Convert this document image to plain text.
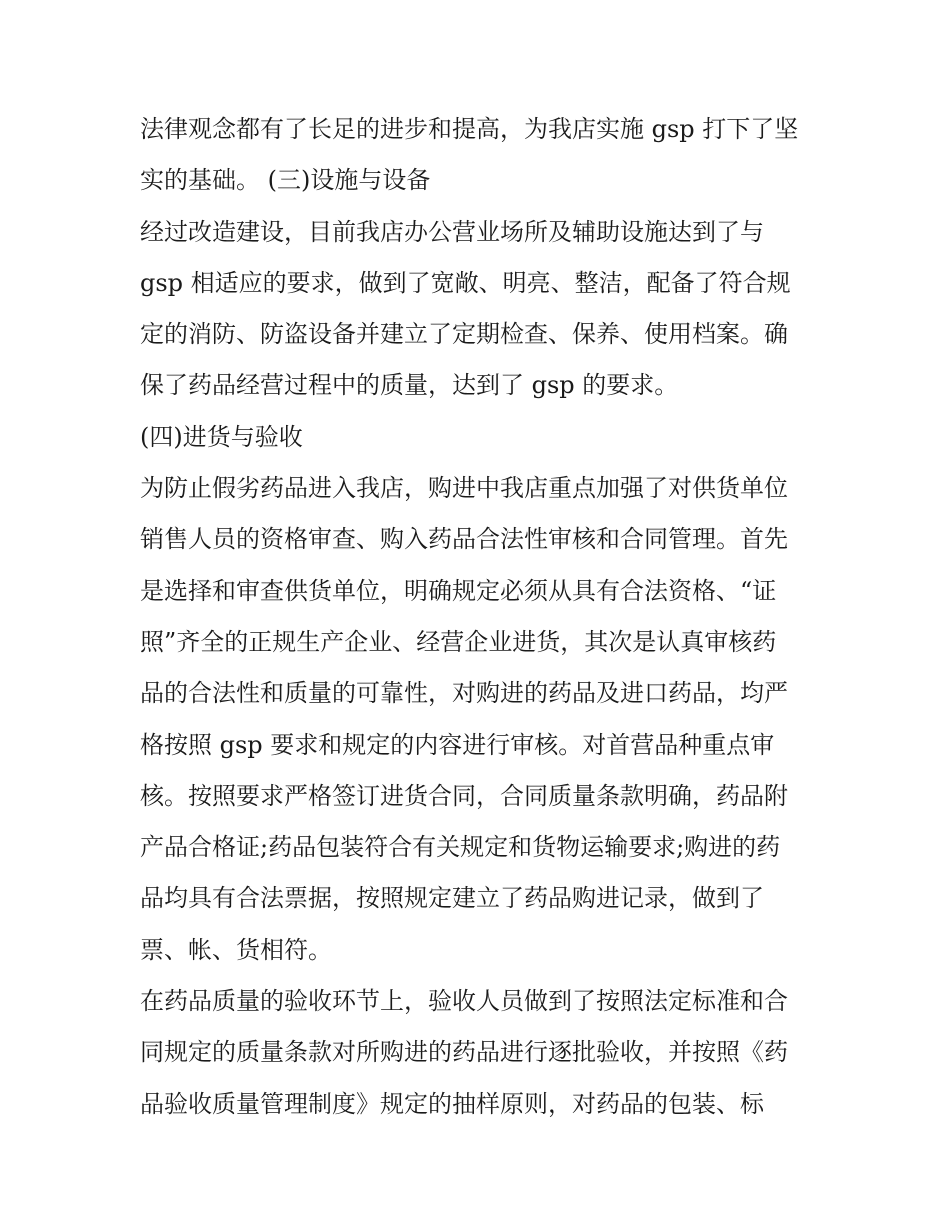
法律观念都有了长足的进步和提高，为我店实施 gsp 打下了坚
实的基础。 (三)设施与设备
经过改造建设，目前我店办公营业场所及辅助设施达到了与
gsp 相适应的要求，做到了宽敞、明亮、整洁，配备了符合规
定的消防、防盗设备并建立了定期检查、保养、使用档案。确
保了药品经营过程中的质量，达到了 gsp 的要求。
(四)进货与验收
为防止假劣药品进入我店，购进中我店重点加强了对供货单位
销售人员的资格审查、购入药品合法性审核和合同管理。首先
是选择和审查供货单位，明确规定必须从具有合法资格、“证
照”齐全的正规生产企业、经营企业进货，其次是认真审核药
品的合法性和质量的可靠性，对购进的药品及进口药品，均严
格按照 gsp 要求和规定的内容进行审核。对首营品种重点审
核。按照要求严格签订进货合同，合同质量条款明确，药品附
产品合格证;药品包装符合有关规定和货物运输要求;购进的药
品均具有合法票据，按照规定建立了药品购进记录，做到了
票、帐、货相符。
在药品质量的验收环节上，验收人员做到了按照法定标准和合
同规定的质量条款对所购进的药品进行逐批验收，并按照《药
品验收质量管理制度》规定的抽样原则，对药品的包装、标
